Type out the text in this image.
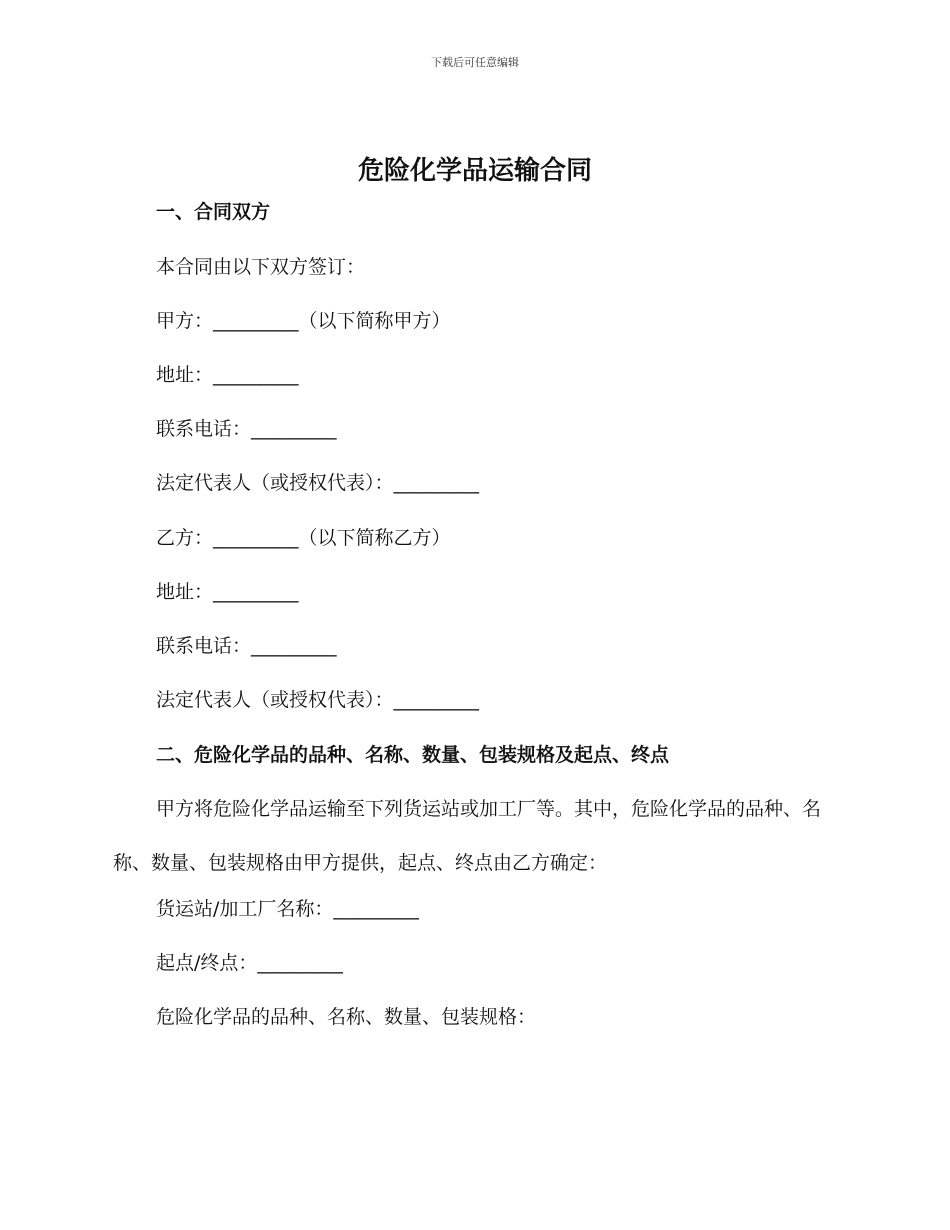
下载后可任意编辑
危险化学品运输合同
一、合同双方
本合同由以下双方签订：
甲方：_________（以下简称甲方）
地址：_________
联系电话：_________
法定代表人（或授权代表）：_________
乙方：_________（以下简称乙方）
地址：_________
联系电话：_________
法定代表人（或授权代表）：_________
二、危险化学品的品种、名称、数量、包装规格及起点、终点
甲方将危险化学品运输至下列货运站或加工厂等。其中，危险化学品的品种、名称、数量、包装规格由甲方提供，起点、终点由乙方确定：
货运站/加工厂名称：_________
起点/终点：_________
危险化学品的品种、名称、数量、包装规格：
